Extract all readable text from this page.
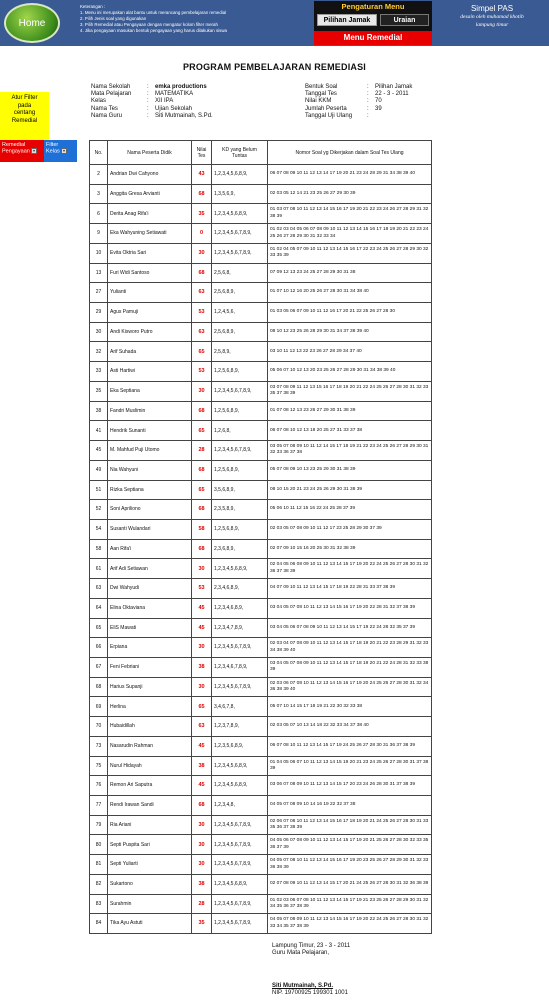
Home
Keterangan :
1. Menu ini merupakan alat bantu untuk merancang pembelajaran remedial
2. Pilih Jenis soal yang digunakan
3. Pilih Remedial atau Pengayaan dengan mengatur kolom filter merah
4. Jika pengayaan masukan bentuk pengayaan yang harus dilakukan siswa
Pengaturan Menu
Pilihan Jamak	Uraian
Menu Remedial
Simpel PAS
desain oleh muhamad khotib
lampung timur
Atur Filter
pada
centang
Remedial
Remedial
Pengayaan
Filter
Kelas
PROGRAM PEMBELAJARAN REMEDIASI
Nama Sekolah	: emka productions
Mata Pelajaran	: MATEMATIKA
Kelas	: XII IPA
Nama Tes	: Ujian Sekolah
Nama Guru	: Siti Mutmainah, S.Pd.
Bentuk Soal	: Pilihan Jamak
Tanggal Tes	: 22 - 3 - 2011
Nilai KKM	: 70
Jumlah Peserta	: 39
Tanggal Uji Ulang :
No.	Nama Peserta Didik	Nilai Tes	KD yang Belum Tuntas	Nomor Soal yg Dikerjakan dalam Soal Tes Ulang
2	Andrian Dwi Cahyono	43	1,2,3,4,5,6,8,9,	06 07 08 09 10 11 12 13 14 17 19 20 21 23 24 28 29 31 34 38 39 40
3	Anggita Gresa Arvianti	68	1,3,5,6,9,	02 03 05 12 14 21 23 25 26 27 29 30 39
6	Derita Anag Rifa'i	35	1,2,3,4,5,6,8,9,	01 03 07 08 10 11 12 13 14 15 16 17 19 20 21 22 23 24 26 27 28 29 31 32 38 39
9	Eka Wahyuning Setiawati	0	1,2,3,4,5,6,7,8,9,	01 02 03 04 05 06 07 08 09 10 11 12 13 14 15 16 17 18 19 20 21 22 23 24 25 26 27 28 29 30 31 32 33 34
10	Evita Oktria Sari	30	1,2,3,4,5,6,7,8,9,	01 02 04 05 07 09 10 11 12 13 14 15 16 17 22 23 24 25 26 27 28 29 30 32 33 35 39
13	Furi Widi Santoso	68	2,5,6,8,	07 09 12 13 23 24 25 27 28 29 30 31 38
27	Yulianti	63	2,5,6,8,9,	01 07 10 12 16 20 25 26 27 28 30 31 34 38 40
29	Agus Pamuji	53	1,2,4,5,6,	01 03 05 06 07 09 10 11 12 16 17 20 21 22 25 26 27 28 30
30	Andi Kisworo Putro	63	2,5,6,8,9,	08 10 12 23 25 26 28 29 30 31 34 37 38 39 40
32	Arif Suhada	65	2,5,8,9,	03 10 11 12 13 22 23 26 27 28 29 34 37 40
33	Asti Hartiwi	53	1,2,5,6,8,9,	05 06 07 10 12 13 20 23 25 26 27 28 29 30 31 34 38 39 40
35	Eka Septiana	30	1,2,3,4,5,6,7,8,9,	03 07 08 09 11 12 13 15 16 17 18 19 20 21 22 24 25 26 27 28 30 31 32 33 35 37 38 39
38	Fandri Muslimin	68	1,2,5,6,8,9,	01 07 08 12 13 23 26 27 29 30 31 38 39
41	Hendrik Sunanti	65	1,2,6,8,	06 07 08 10 12 13 18 20 25 27 31 33 37 38
45	M. Mahfud Puji Utomo	28	1,2,3,4,5,6,7,8,9,	03 05 07 08 09 10 11 12 14 15 17 18 19 21 22 23 24 25 26 27 28 29 30 31 32 33 36 37 38
49	Nia Wahyuni	68	1,2,5,6,8,9,	05 07 08 09 10 13 23 25 29 30 31 38 39
51	Rizka Septiana	65	3,5,6,8,9,	08 10 15 20 21 23 24 25 26 29 30 31 38 39
52	Soni Apriliono	68	2,3,5,8,9,	05 06 10 11 12 15 16 22 24 25 28 37 39
54	Susanti Wulandari	58	1,2,5,6,8,9,	02 03 05 07 08 09 10 11 12 17 23 25 28 29 30 37 39
58	Aan Rifa'i	68	2,3,6,8,9,	02 07 09 10 15 16 20 25 30 31 32 38 39
61	Arif Adi Setiawan	30	1,2,3,4,5,6,8,9,	02 04 05 06 08 09 10 11 12 13 14 15 17 19 20 22 24 25 26 27 28 30 31 32 36 37 38 39
63	Dwi Wahyudi	53	2,3,4,6,8,9,	04 07 09 10 11 12 13 14 15 17 18 19 22 28 31 33 37 38 39
64	Elina Oktaviana	45	1,2,3,4,6,8,9,	03 04 05 07 08 10 11 12 13 14 15 16 17 19 20 22 28 31 32 37 38 39
65	EliS Mawati	45	1,2,3,4,7,8,9,	03 04 05 06 07 08 09 10 11 12 13 14 15 17 19 22 24 28 32 35 37 39
66	Erpiana	30	1,2,3,4,5,6,7,8,9,	02 03 04 07 08 09 10 11 12 13 14 15 17 18 19 20 21 22 23 28 29 31 32 33 34 38 39 40
67	Feni Febriani	38	1,2,3,4,6,7,8,9,	03 04 05 07 08 09 10 11 12 13 14 15 17 18 19 20 21 22 24 28 31 32 33 38 39
68	Harius Supanji	30	1,2,3,4,5,6,7,8,9,	02 03 06 07 08 10 11 12 13 14 15 16 17 19 20 24 25 26 27 28 30 31 32 34 36 38 39 40
69	Herlina	65	3,4,6,7,8,	05 07 10 14 15 17 18 19 21 22 30 32 33 38
70	Hubaidillah	63	1,2,3,7,8,9,	02 03 05 07 10 13 14 18 22 32 33 34 37 38 40
73	Nasarudin Rahman	45	1,2,3,5,6,8,9,	06 07 08 10 11 12 13 14 15 17 19 24 25 26 27 28 30 31 36 37 38 39
75	Nurul Hidayah	38	1,2,3,4,5,6,8,9,	01 04 05 06 07 10 11 12 13 14 15 19 20 21 23 24 25 26 27 28 30 31 37 38 39
76	Remon Ari Saputra	45	1,2,3,4,5,6,8,9,	03 06 07 08 09 10 11 12 13 14 15 17 20 23 24 26 28 30 31 37 38 39
77	Rendi Irawan Sandi	68	1,2,3,4,8,	04 05 07 08 09 10 14 16 19 22 32 37 38
79	Ria Ariani	30	1,2,3,4,5,6,7,8,9,	02 06 07 08 10 11 12 13 14 15 16 17 18 19 20 21 24 25 26 27 28 30 31 33 35 36 37 38 39
80	Septi Puspita Sari	30	1,2,3,4,5,6,7,8,9,	04 05 06 07 08 09 10 11 12 13 14 15 17 19 20 21 25 26 27 28 30 32 33 35 36 37 39
81	Septi Yuliarti	30	1,2,3,4,5,6,7,8,9,	04 05 07 08 10 11 12 13 14 15 16 17 19 20 23 25 26 27 28 29 30 31 32 33 36 38 39
82	Sukartono	38	1,2,3,4,5,6,8,9,	02 07 08 09 10 11 12 13 14 15 17 20 21 24 25 26 27 28 30 31 32 36 38 39
83	Surahmin	28	1,2,3,4,5,6,7,8,9,	01 02 03 06 07 08 10 11 12 13 14 15 17 19 21 23 25 26 27 28 29 30 31 32 34 35 36 37 38 39
84	Tika Ayu Astuti	35	1,2,3,4,5,6,7,8,9,	04 05 07 08 09 10 11 12 13 14 15 16 17 19 20 22 24 25 26 27 28 30 31 32 33 34 35 37 38 39
Lampung Timur, 23 - 3 - 2011
Guru Mata Pelajaran,
Siti Mutmainah, S.Pd.
NIP. 19700925 199301 1001
